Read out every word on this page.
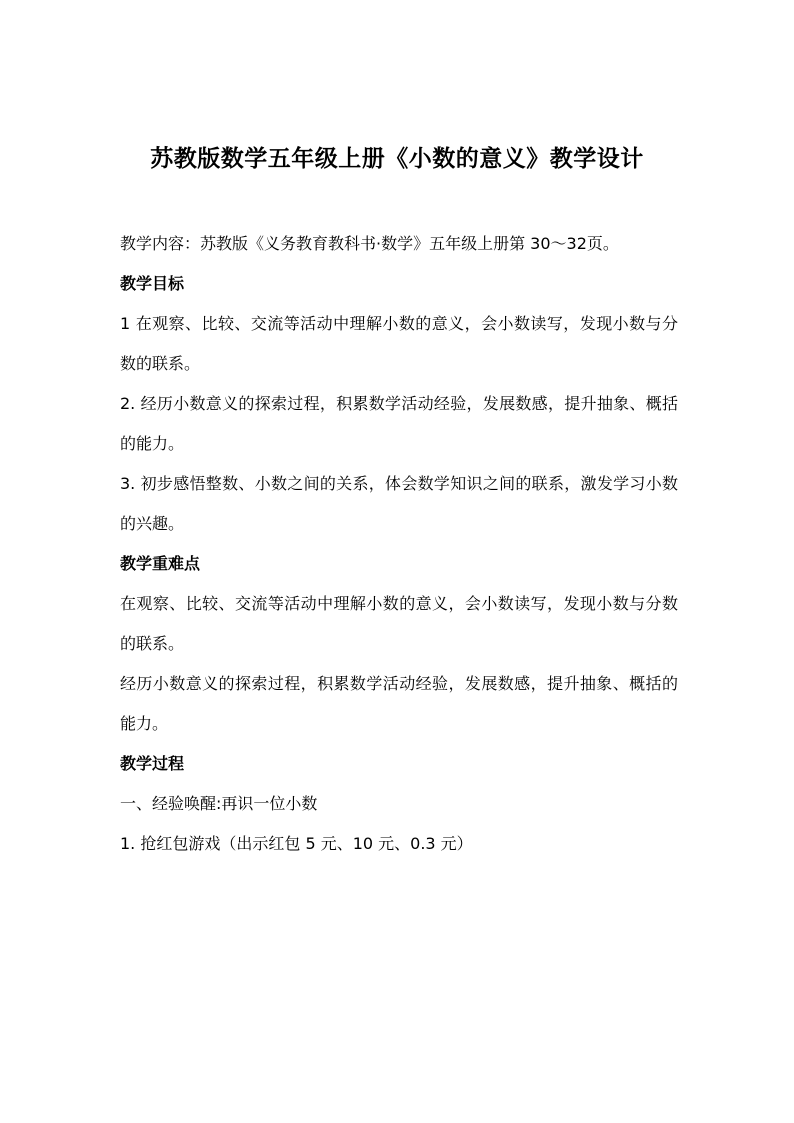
苏教版数学五年级上册《小数的意义》教学设计

教学内容：苏教版《义务教育教科书·数学》五年级上册第 30～32页。

教学目标

1 在观察、比较、交流等活动中理解小数的意义，会小数读写，发现小数与分数的联系。

2. 经历小数意义的探索过程，积累数学活动经验，发展数感，提升抽象、概括的能力。

3. 初步感悟整数、小数之间的关系，体会数学知识之间的联系，激发学习小数的兴趣。

教学重难点

在观察、比较、交流等活动中理解小数的意义，会小数读写，发现小数与分数的联系。

经历小数意义的探索过程，积累数学活动经验，发展数感，提升抽象、概括的能力。

教学过程

一、经验唤醒:再识一位小数

1. 抢红包游戏（出示红包 5 元、10 元、0.3 元）
